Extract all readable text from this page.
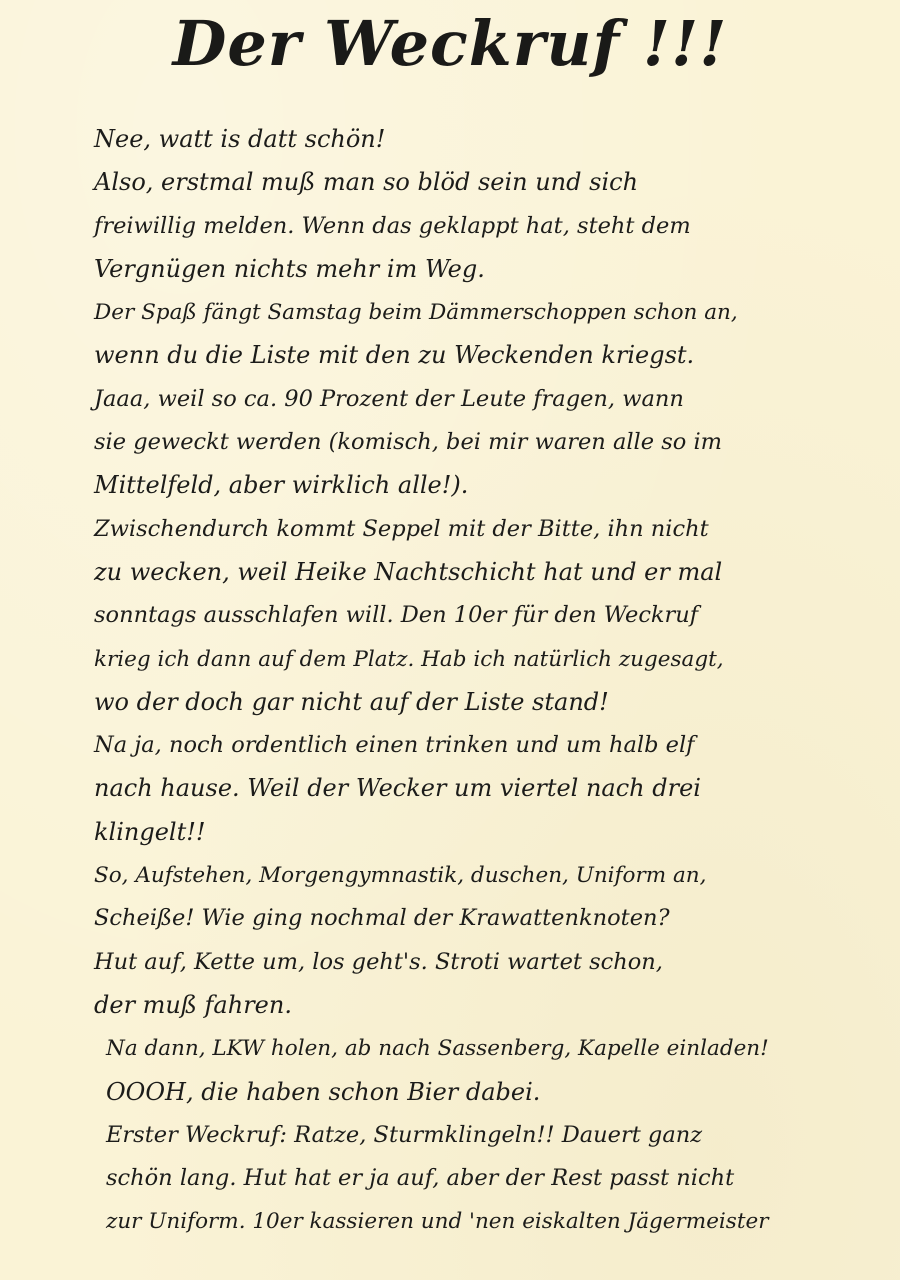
Der Weckruf !!!
Nee, watt is datt schön!
Also, erstmal muß man so blöd sein und sich
freiwillig melden. Wenn das geklappt hat, steht dem
Vergnügen nichts mehr im Weg.
Der Spaß fängt Samstag beim Dämmerschoppen schon an,
wenn du die Liste mit den zu Weckenden kriegst.
Jaaa, weil so ca. 90 Prozent der Leute fragen, wann
sie geweckt werden (komisch, bei mir waren alle so im
Mittelfeld, aber wirklich alle!).
Zwischendurch kommt Seppel mit der Bitte, ihn nicht
zu wecken, weil Heike Nachtschicht hat und er mal
sonntags ausschlafen will. Den 10er für den Weckruf
krieg ich dann auf dem Platz. Hab ich natürlich zugesagt,
wo der doch gar nicht auf der Liste stand!
Na ja, noch ordentlich einen trinken und um halb elf
nach hause. Weil der Wecker um viertel nach drei
klingelt!!
So, Aufstehen, Morgengymnastik, duschen, Uniform an,
Scheiße! Wie ging nochmal der Krawattenknoten?
Hut auf, Kette um, los geht's. Stroti wartet schon,
der muß fahren.
Na dann, LKW holen, ab nach Sassenberg, Kapelle einladen!
OOOH, die haben schon Bier dabei.
Erster Weckruf: Ratze, Sturmklingeln!! Dauert ganz
schön lang. Hut hat er ja auf, aber der Rest passt nicht
zur Uniform. 10er kassieren und 'nen eiskalten Jägermeister
